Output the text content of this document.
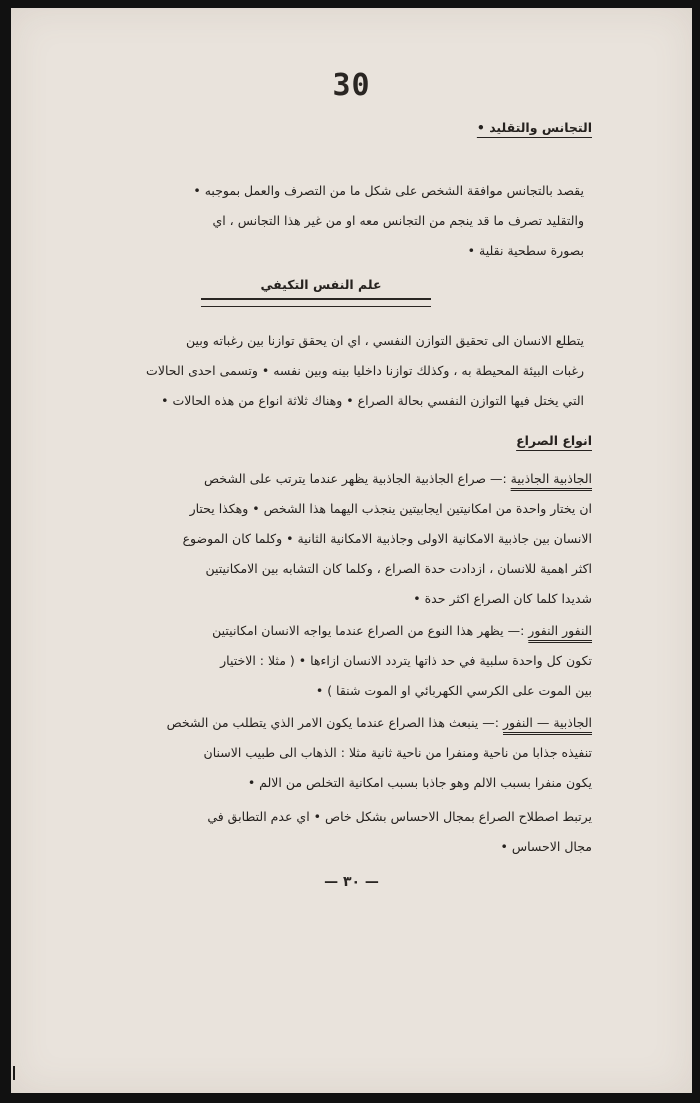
30
التجانس والتقليد •
يقصد بالتجانس موافقة الشخص على شكل ما من التصرف والعمل بموجبه •
والتقليد تصرف ما قد ينجم من التجانس معه او من غير هذا التجانس ، اي
بصورة سطحية نقلية •
علم النفس التكيفي
يتطلع الانسان الى تحقيق التوازن النفسي ، اي ان يحقق توازنا بين رغباته وبين
رغبات البيئة المحيطة به ، وكذلك توازنا داخليا بينه وبين نفسه • وتسمى احدى الحالات
التي يختل فيها التوازن النفسي بحالة الصراع • وهناك ثلاثة انواع من هذه الحالات •
انواع الصراع
الجاذبية الجاذبية :— صراع الجاذبية الجاذبية يظهر عندما يترتب على الشخص
ان يختار واحدة من امكانيتين ايجابيتين ينجذب اليهما هذا الشخص • وهكذا يحتار
الانسان بين جاذبية الامكانية الاولى وجاذبية الامكانية الثانية • وكلما كان الموضوع
اكثر اهمية للانسان ، ازدادت حدة الصراع ، وكلما كان التشابه بين الامكانيتين
شديدا كلما كان الصراع اكثر حدة •
النفور النفور :— يظهر هذا النوع من الصراع عندما يواجه الانسان امكانيتين
تكون كل واحدة سلبية في حد ذاتها يتردد الانسان ازاءها • ( مثلا : الاختيار
بين الموت على الكرسي الكهربائي او الموت شنقا ) •
الجاذبية — النفور :— ينبعث هذا الصراع عندما يكون الامر الذي يتطلب من الشخص
تنفيذه جذابا من ناحية ومنفرا من ناحية ثانية مثلا : الذهاب الى طبيب الاسنان
يكون منفرا بسبب الالم وهو جاذبا بسبب امكانية التخلص من الالم •
يرتبط اصطلاح الصراع بمجال الاحساس بشكل خاص • اي عدم التطابق في
مجال الاحساس •
— ٣٠ —
